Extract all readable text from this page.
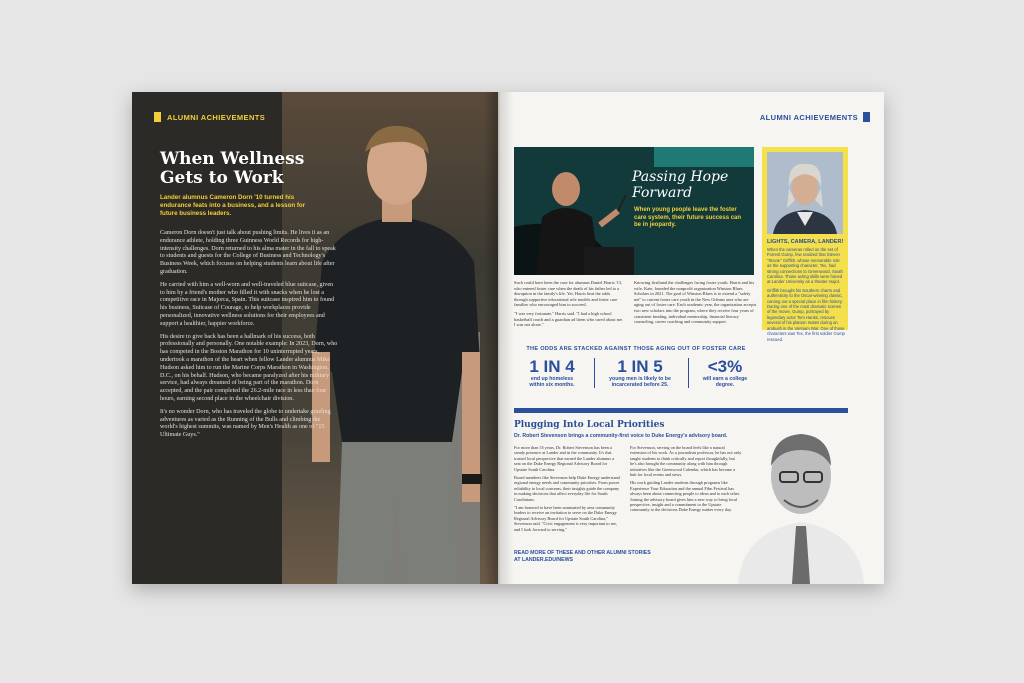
ALUMNI ACHIEVEMENTS
When Wellness
Gets to Work
Lander alumnus Cameron Dorn '10 turned his endurance feats into a business, and a lesson for future business leaders.

Cameron Dorn doesn't just talk about pushing limits. He lives it as an endurance athlete, holding three Guinness World Records for high-intensity challenges. Dorn returned to his alma mater in the fall to speak to students and guests for the College of Business and Technology's Business Week, which focuses on helping students learn about life after graduation.

He carried with him a well-worn and well-traveled blue suitcase, given to him by a friend's mother who filled it with snacks when he lost a competitive race in Majorca, Spain. This suitcase inspired him to found his business, Suitcase of Courage, to help workplaces provide personalized, innovative wellness solutions for their employees and support a healthier, happier workforce.

His desire to give back has been a hallmark of his success, both professionally and personally. One notable example: In 2023, Dorn, who has competed in the Boston Marathon for 10 uninterrupted years, undertook a marathon of the heart when fellow Lander alumnus Mike Hudson asked him to run the Marine Corps Marathon in Washington, D.C., on his behalf. Hudson, who became paralyzed after his military service, had always dreamed of being part of the marathon. Dorn accepted, and the pair completed the 26.2-mile race in less than four hours, earning second place in the wheelchair division.

It's no wonder Dorn, who has traveled the globe to undertake grueling adventures as varied as the Running of the Bulls and climbing the world's highest summits, was named by Men's Health as one of "15 Ultimate Guys."

ALUMNI ACHIEVEMENTS
Passing Hope
Forward
When young people leave the foster care system, their future success can be in jeopardy.
LIGHTS, CAMERA, LANDER!

When the cameras rolled on the set of Forrest Gump, few realized that Steven "Stevie" Griffith, whose memorable role as the supporting character, Tex, had strong connections to Greenwood, South Carolina. Those acting skills were honed at Lander University as a theater major.

Griffith brought his Southern charm and authenticity to the Oscar-winning classic, carving out a special place in film history. During one of the most dramatic scenes of the movie, Gump, portrayed by legendary actor Tom Hanks, rescues several of his platoon mates during an ambush in the Vietnam War. One of those characters was Tex, the first soldier Gump rescued.

Such could have been the case for alumnus Daniel Harris '13, who entered foster care when the death of his father led to a disruption in the family's life. Yet, Harris beat the odds through supportive educational role models and foster care families who encouraged him to succeed.

"I was very fortunate," Harris said. "I had a high school basketball coach and a guardian ad litem who cared about me. I was not alone."

Knowing firsthand the challenges facing foster youth, Harris and his wife, Kate, founded the nonprofit organization Winston Blues Scholars in 2021. The goal of Winston Blues is to extend a "safety net" to current foster care youth in the New Orleans area who are aging out of foster care. Each academic year, the organization accepts two new scholars into the program, where they receive four years of consistent funding, individual mentorship, financial literacy counseling, career coaching and community support.

THE ODDS ARE STACKED AGAINST THOSE AGING OUT OF FOSTER CARE
1 IN 4
end up homeless
within six months.
1 IN 5
young men is likely to be
incarcerated before 25.
<3%
will earn a college
degree.
Plugging Into Local Priorities
Dr. Robert Stevenson brings a community-first voice to Duke Energy's advisory board.

For more than 35 years, Dr. Robert Stevenson has been a steady presence at Lander and in the community. It's that trusted local perspective that earned the Lander alumnus a seat on the Duke Energy Regional Advisory Board for Upstate South Carolina.

Board members like Stevenson help Duke Energy understand regional energy needs and community priorities. From power reliability to local concerns, their insights guide the company in making decisions that affect everyday life for South Carolinians.

"I am honored to have been nominated by area community leaders to receive an invitation to serve on the Duke Energy Regional Advisory Board for Upstate South Carolina," Stevenson said. "Civic engagement is very important to me, and I look forward to serving."

For Stevenson, serving on the board feels like a natural extension of his work. As a journalism professor, he has not only taught students to think critically and report thoughtfully, but he's also brought the community along with him through initiatives like the Greenwood Calendar, which has become a hub for local events and news.

His work guiding Lander students through programs like Experience Your Education and the annual Film Festival has always been about connecting people to ideas and to each other. Joining the advisory board gives him a new way to bring local perspective, insight and a commitment to the Upstate community to the decisions Duke Energy makes every day.

READ MORE OF THESE AND OTHER ALUMNI STORIES
AT LANDER.EDU/NEWS
